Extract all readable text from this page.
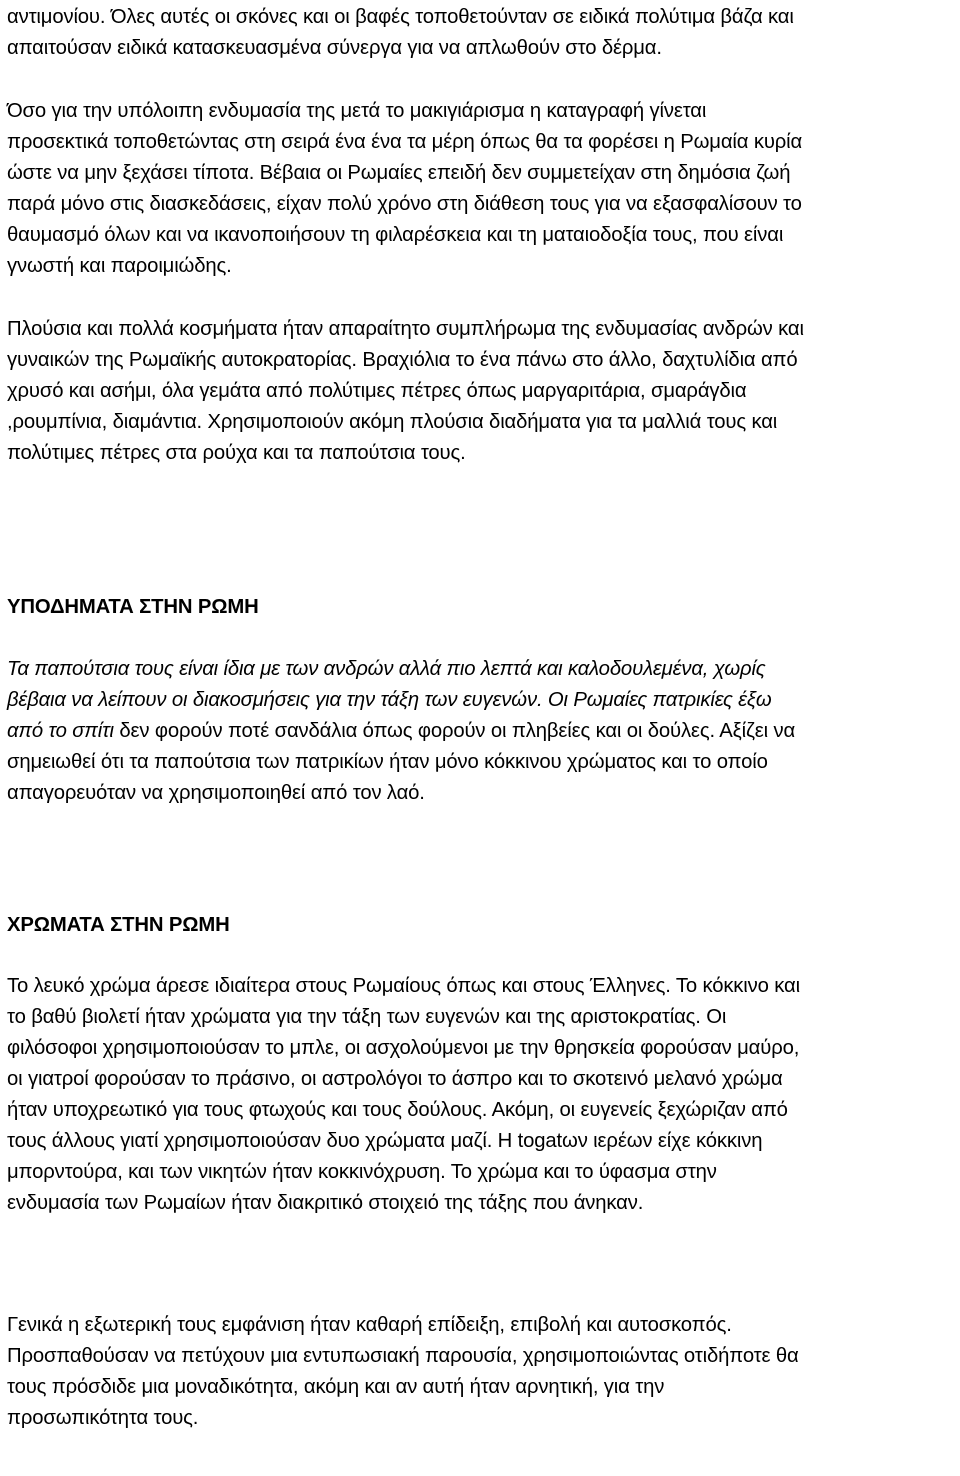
αντιμονίου. Όλες αυτές οι σκόνες και οι βαφές τοποθετούνταν σε ειδικά πολύτιμα βάζα και
απαιτούσαν ειδικά κατασκευασμένα σύνεργα για να απλωθούν στο δέρμα.
Όσο για την υπόλοιπη ενδυμασία της μετά το μακιγιάρισμα η καταγραφή γίνεται
προσεκτικά τοποθετώντας στη σειρά ένα ένα τα μέρη όπως θα τα φορέσει η Ρωμαία κυρία
ώστε να μην ξεχάσει τίποτα. Βέβαια οι Ρωμαίες επειδή δεν συμμετείχαν στη δημόσια ζωή
παρά μόνο στις διασκεδάσεις, είχαν πολύ χρόνο στη διάθεση τους για να εξασφαλίσουν το
θαυμασμό όλων και να ικανοποιήσουν τη φιλαρέσκεια και τη ματαιοδοξία τους, που είναι
γνωστή και παροιμιώδης.
Πλούσια και πολλά κοσμήματα ήταν απαραίτητο συμπλήρωμα της ενδυμασίας ανδρών και
γυναικών της Ρωμαϊκής αυτοκρατορίας. Βραχιόλια το ένα πάνω στο άλλο, δαχτυλίδια από
χρυσό και ασήμι, όλα γεμάτα από πολύτιμες πέτρες όπως μαργαριτάρια, σμαράγδια
,ρουμπίνια, διαμάντια. Χρησιμοποιούν ακόμη πλούσια διαδήματα για τα μαλλιά τους και
πολύτιμες πέτρες στα ρούχα και τα παπούτσια τους.
ΥΠΟΔΗΜΑΤΑ ΣΤΗΝ ΡΩΜΗ
Τα παπούτσια τους είναι ίδια με των ανδρών αλλά πιο λεπτά και καλοδουλεμένα, χωρίς
βέβαια να λείπουν οι διακοσμήσεις για την τάξη των ευγενών. Οι Ρωμαίες πατρικίες έξω
από το σπίτι δεν φορούν ποτέ σανδάλια όπως φορούν οι πληβείες και οι δούλες. Αξίζει να
σημειωθεί ότι τα παπούτσια των πατρικίων ήταν μόνο κόκκινου χρώματος και το οποίο
απαγορευόταν να χρησιμοποιηθεί από τον λαό.
ΧΡΩΜΑΤΑ ΣΤΗΝ ΡΩΜΗ
Το λευκό χρώμα άρεσε ιδιαίτερα στους Ρωμαίους όπως και στους Έλληνες. Το κόκκινο και
το βαθύ βιολετί ήταν χρώματα για την τάξη των ευγενών και της αριστοκρατίας. Οι
φιλόσοφοι χρησιμοποιούσαν το μπλε, οι ασχολούμενοι με την θρησκεία φορούσαν μαύρο,
οι γιατροί φορούσαν το πράσινο, οι αστρολόγοι το άσπρο και το σκοτεινό μελανό χρώμα
ήταν υποχρεωτικό για τους φτωχούς και τους δούλους. Ακόμη, οι ευγενείς ξεχώριζαν από
τους άλλους γιατί χρησιμοποιούσαν δυο χρώματα μαζί. Η togatων ιερέων είχε κόκκινη
μπορντούρα, και των νικητών ήταν κοκκινόχρυση. Το χρώμα και το ύφασμα στην
ενδυμασία των Ρωμαίων ήταν διακριτικό στοιχειό της τάξης που άνηκαν.
Γενικά η εξωτερική τους εμφάνιση ήταν καθαρή επίδειξη, επιβολή και αυτοσκοπός.
Προσπαθούσαν να πετύχουν μια εντυπωσιακή παρουσία, χρησιμοποιώντας οτιδήποτε θα
τους πρόσδιδε μια μοναδικότητα, ακόμη και αν αυτή ήταν αρνητική, για την
προσωπικότητα τους.
